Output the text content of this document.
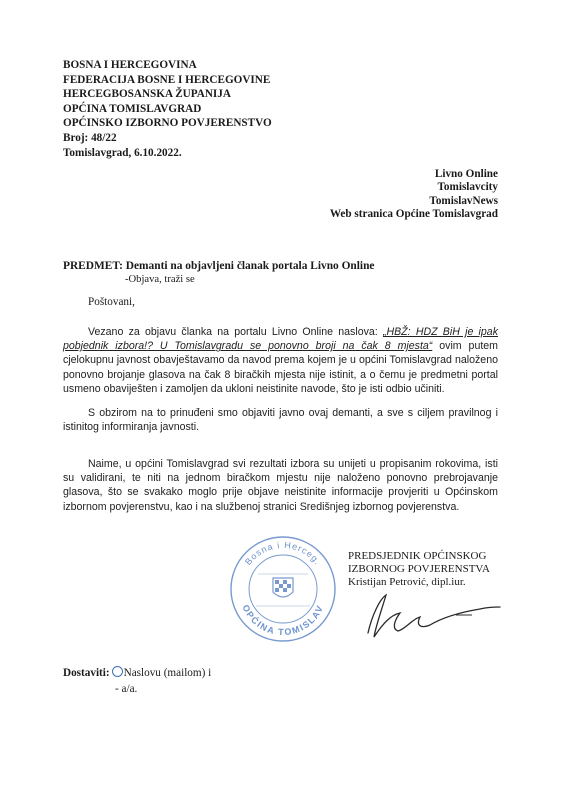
BOSNA I HERCEGOVINA
FEDERACIJA BOSNE I HERCEGOVINE
HERCEGBOSANSKA ŽUPANIJA
OPĆINA TOMISLAVGRAD
OPĆINSKO IZBORNO POVJERENSTVO
Broj: 48/22
Tomislavgrad, 6.10.2022.
Livno Online
Tomislavcity
TomislavNews
Web stranica Općine Tomislavgrad
PREDMET: Demanti na objavljeni članak portala Livno Online
-Objava, traži se
Poštovani,
Vezano za objavu članka na portalu Livno Online naslova: „HBŽ: HDZ BiH je ipak pobjednik izbora!? U Tomislavgradu se ponovno broji na čak 8 mjesta“ ovim putem cjelokupnu javnost obavještavamo da navod prema kojem je u općini Tomislavgrad naloženo ponovno brojanje glasova na čak 8 biračkih mjesta nije istinit, a o čemu je predmetni portal usmeno obaviješten i zamoljen da ukloni neistinite navode, što je isti odbio učiniti.
S obzirom na to prinuđeni smo objaviti javno ovaj demanti, a sve s ciljem pravilnog i istinitog informiranja javnosti.
Naime, u općini Tomislavgrad svi rezultati izbora su unijeti u propisanim rokovima, isti su validirani, te niti na jednom biračkom mjestu nije naloženo ponovno prebrojavanje glasova, što se svakako moglo prije objave neistinite informacije provjeriti u Općinskom izbornom povjerenstvu, kao i na službenoj stranici Središnjeg izbornog povjerenstva.
Bosna i Herceg.
OPĆINA TOMISLAV
PREDSJEDNIK OPĆINSKOG
IZBORNOG POVJERENSTVA
Kristijan Petrović, dipl.iur.
Dostaviti: Naslovu (mailom) i
- a/a.
